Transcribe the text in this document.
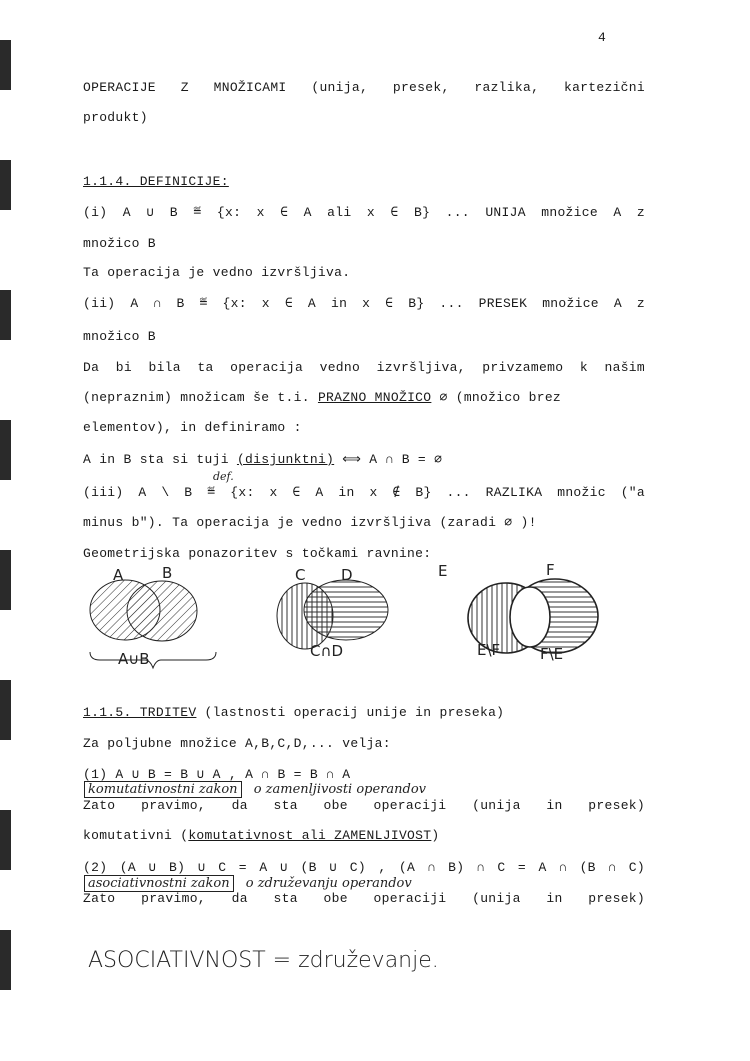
4
OPERACIJE Z MNOŽICAMI (unija, presek, razlika, kartezični
produkt)
1.1.4. DEFINICIJE:
(i) A ∪ B ≝ {x: x ∈ A ali x ∈ B} ... UNIJA množice A z
množico B
Ta operacija je vedno izvršljiva.
(ii) A ∩ B ≝ {x: x ∈ A in x ∈ B} ... PRESEK množice A z
množico B
Da bi bila ta operacija vedno izvršljiva, privzamemo k našim
(nepraznim) množicam še t.i. PRAZNO MNOŽICO ∅ (množico brez
elementov), in definiramo :
A in B sta si tuji (disjunktni) ⟺ A ∩ B = ∅
def.
(iii) A \ B ≝ {x: x ∈ A in x ∉ B} ... RAZLIKA množic ("a
minus b"). Ta operacija je vedno izvršljiva (zaradi ∅ )!
Geometrijska ponazoritev s točkami ravnine:
A	B
A∪B
C D
C∩D
E
E\F	F\E
F
1.1.5. TRDITEV (lastnosti operacij unije in preseka)
Za poljubne množice A,B,C,D,... velja:
(1) A ∪ B = B ∪ A , A ∩ B = B ∩ A
komutativnostni zakon o zamenljivosti operandov
Zato pravimo, da sta obe operaciji (unija in presek)
komutativni (komutativnost ali ZAMENLJIVOST)
(2) (A ∪ B) ∪ C = A ∪ (B ∪ C) , (A ∩ B) ∩ C = A ∩ (B ∩ C)
asociativnostni zakon o združevanju operandov
Zato pravimo, da sta obe operaciji (unija in presek)
ASOCIATIVNOST = združevanje.
